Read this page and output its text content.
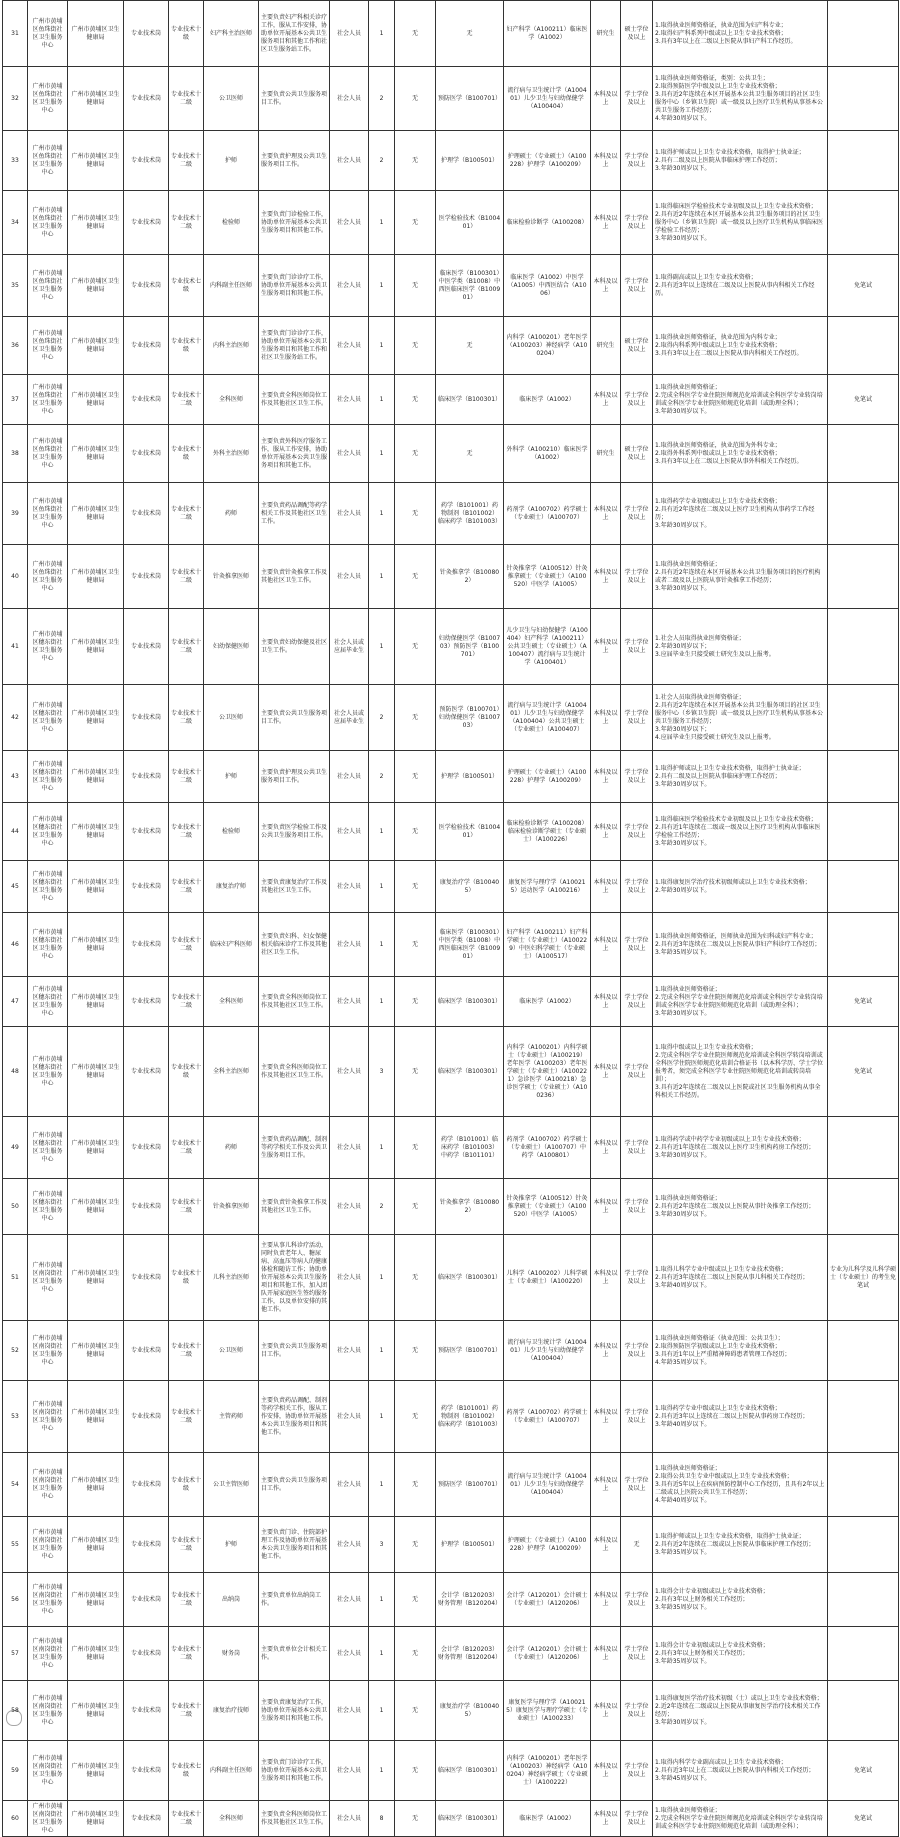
31	广州市黄埔区鱼珠街社区卫生服务中心	广州市黄埔区卫生健康局	专业技术岗	专业技术十级	妇产科主治医师	主要负责妇产科相关诊疗工作，服从工作安排，协助单位开展基本公共卫生服务项目和其他工作和社区卫生服务站工作。	社会人员	1	无	无	妇产科学（A100211）临床医学（A1002）	研究生	硕士学位及以上	1.取得执业医师资格证，执业范围为妇产科专业；
2.取得妇产科系列中级或以上卫生专业技术资格；
3.具有3年以上在二级以上医院从事妇产科工作经历。	

32	广州市黄埔区鱼珠街社区卫生服务中心	广州市黄埔区卫生健康局	专业技术岗	专业技术十二级	公卫医师	主要负责公共卫生服务项目工作。	社会人员	2	无	预防医学（B100701）	流行病与卫生统计学（A100401）儿少卫生与妇幼保健学（A100404）	本科及以上	学士学位及以上	1.取得执业医师资格证，类别：公共卫生；
2.取得预防医学中级及以上卫生专业技术资格；
3.具有近2年连续在本区开展基本公共卫生服务项目的社区卫生服务中心（乡镇卫生院）或一级及以上医疗卫生机构从事基本公共卫生服务工作经历；
4.年龄30周岁以下。	

33	广州市黄埔区鱼珠街社区卫生服务中心	广州市黄埔区卫生健康局	专业技术岗	专业技术十二级	护师	主要负责护理及公共卫生服务项目工作。	社会人员	2	无	护理学（B100501）	护理硕士（专业硕士）（A100228）护理学（A100209）	本科及以上	学士学位及以上	1.取得护师或以上卫生专业技术资格，取得护士执业证；
2.具有二级及以上医院从事临床护理工作经历；
3.年龄30周岁以下。	

34	广州市黄埔区鱼珠街社区卫生服务中心	广州市黄埔区卫生健康局	专业技术岗	专业技术十二级	检验师	主要负责门诊检验工作，协助单位开展基本公共卫生服务项目和其他工作。	社会人员	1	无	医学检验技术（B100401）	临床检验诊断学（A100208）	本科及以上	学士学位及以上	1.取得临床医学检验技术专业初级及以上卫生专业技术资格；
2.具有近2年连续在本区开展基本公共卫生服务项目的社区卫生服务中心（乡镇卫生院）或一级及以上医疗卫生机构从事临床医学检验工作经历；
3.年龄30周岁以下。	

35	广州市黄埔区鱼珠街社区卫生服务中心	广州市黄埔区卫生健康局	专业技术岗	专业技术七级	内科副主任医师	主要负责门诊诊疗工作，协助单位开展基本公共卫生服务项目和其他工作。	社会人员	1	无	临床医学（B100301）中医学类（B1008）中西医临床医学（B100901）	临床医学（A1002）中医学（A1005）中西医结合（A1006）	本科及以上	学士学位及以上	1.取得副高或以上卫生专业技术资格；
2.具有近3年以上连续在二级及以上医院从事内科相关工作经历。	免笔试
36	广州市黄埔区鱼珠街社区卫生服务中心	广州市黄埔区卫生健康局	专业技术岗	专业技术十级	内科主治医师	主要负责门诊诊疗工作，协助单位开展基本公共卫生服务项目和其他工作和社区卫生服务站工作。	社会人员	1	无	无	内科学（A100201）老年医学（A100203）神经病学（A100204）	研究生	硕士学位及以上	1.取得执业医师资格证，执业范围为内科专业；
2.取得内科系列中级或以上卫生专业技术资格；
3.具有3年以上在二级以上医院从事内科相关工作经历。	

37	广州市黄埔区鱼珠街社区卫生服务中心	广州市黄埔区卫生健康局	专业技术岗	专业技术十二级	全科医师	主要负责全科医师岗位工作及其他社区卫生工作。	社会人员	1	无	临床医学（B100301）	临床医学（A1002）	本科及以上	学士学位及以上	1.取得执业医师资格证；
2.完成全科医学专业住院医师规范化培训或全科医学专业转岗培训或全科医学专业住院医师规范化培训（或助理全科）；
3.年龄30周岁以下。	免笔试
38	广州市黄埔区鱼珠街社区卫生服务中心	广州市黄埔区卫生健康局	专业技术岗	专业技术十级	外科主治医师	主要负责外科医疗服务工作，服从工作安排，协助单位开展基本公共卫生服务项目和其他工作。	社会人员	1	无	无	外科学（A100210）临床医学（A1002）	研究生	硕士学位及以上	1.取得执业医师资格证，执业范围为外科专业；
2.取得外科系列中级或以上卫生专业技术资格；
3.具有3年以上在二级以上医院从事外科相关工作经历。	

39	广州市黄埔区鱼珠街社区卫生服务中心	广州市黄埔区卫生健康局	专业技术岗	专业技术十二级	药师	主要负责药品调配等药学相关工作及其他社区卫生工作。	社会人员	1	无	药学（B101001）药物制剂（B101002）临床药学（B101003）	药剂学（A100702）药学硕士（专业硕士）（A100707）	本科及以上	学士学位及以上	1.取得药学专业初级或以上卫生专业技术资格；
2.具有近2年连续在二级及以上医疗卫生机构从事药学工作经历；
3.年龄30周岁以下。	

40	广州市黄埔区鱼珠街社区卫生服务中心	广州市黄埔区卫生健康局	专业技术岗	专业技术十二级	针灸推拿医师	主要负责针灸推拿工作及其他社区卫生工作。	社会人员	1	无	针灸推拿学（B100802）	针灸推拿学（A100512）针灸推拿硕士（专业硕士）（A100520）中医学（A1005）	本科及以上	学士学位及以上	1.取得执业医师资格证；
2.具有近2年连续在本区开展基本公共卫生服务项目的医疗机构或者二级及以上医院从事针灸推拿工作经历；
3.年龄30周岁以下。	

41	广州市黄埔区穗东街社区卫生服务中心	广州市黄埔区卫生健康局	专业技术岗	专业技术十二级	妇幼保健医师	主要负责妇幼保健及社区卫生工作。	社会人员或应届毕业生	1	无	妇幼保健医学（B100703）预防医学（B100701）	儿少卫生与妇幼保健学（A100404）妇产科学（A100211）公共卫生硕士（专业硕士）（A100407）流行病与卫生统计学（A100401）	本科及以上	学士学位及以上	1.社会人员取得执业医师资格证；
2.年龄30周岁以下；
3.应届毕业生只接受硕士研究生及以上报考。	

42	广州市黄埔区穗东街社区卫生服务中心	广州市黄埔区卫生健康局	专业技术岗	专业技术十二级	公卫医师	主要负责公共卫生服务项目工作。	社会人员或应届毕业生	2	无	预防医学（B100701）妇幼保健医学（B100703）	流行病与卫生统计学（A100401）儿少卫生与妇幼保健学（A100404）公共卫生硕士（专业硕士）（A100407）	本科及以上	学士学位及以上	1.社会人员取得执业医师资格证；
2.具有近2年连续在本区开展基本公共卫生服务项目的社区卫生服务中心（乡镇卫生院）或一级及以上医疗卫生机构从事基本公共卫生服务工作经历；
3.年龄30周岁以下；
4.应届毕业生只接受硕士研究生及以上报考。	

43	广州市黄埔区穗东街社区卫生服务中心	广州市黄埔区卫生健康局	专业技术岗	专业技术十二级	护师	主要负责护理及公共卫生服务项目工作。	社会人员	2	无	护理学（B100501）	护理硕士（专业硕士）（A100228）护理学（A100209）	本科及以上	学士学位及以上	1.取得护师或以上卫生专业技术资格，取得护士执业证；
2.具有二级及以上医院从事临床护理工作经历；
3.年龄30周岁以下。	

44	广州市黄埔区穗东街社区卫生服务中心	广州市黄埔区卫生健康局	专业技术岗	专业技术十二级	检验师	主要负责医学检验工作及公共卫生服务项目工作。	社会人员	1	无	医学检验技术（B100401）	临床检验诊断学（A100208）临床检验诊断学硕士（专业硕士）（A100226）	本科及以上	学士学位及以上	1.取得临床医学检验技术专业初级及以上卫生专业技术资格；
2.具有近1年连续在二级或一级及以上医疗卫生机构从事临床医学检验工作经历；
3.年龄30周岁以下。	

45	广州市黄埔区穗东街社区卫生服务中心	广州市黄埔区卫生健康局	专业技术岗	专业技术十二级	康复治疗师	主要负责康复治疗工作及其他社区卫生工作。	社会人员	1	无	康复治疗学（B100405）	康复医学与理疗学（A100215）运动医学（A100216）	本科及以上	学士学位及以上	1.取得康复医学治疗技术初级师或以上卫生专业技术资格；
2.年龄30周岁以下。	

46	广州市黄埔区穗东街社区卫生服务中心	广州市黄埔区卫生健康局	专业技术岗	专业技术十二级	临床妇产科医师	主要负责妇科、妇女保健相关临床诊疗工作及其他社区卫生工作。	社会人员	1	无	临床医学（B100301）中医学类（B1008）中西医临床医学（B100901）	妇产科学（A100211）妇产科学硕士（专业硕士）（A100229）中医妇科学硕士（专业硕士）（A100517）	本科及以上	学士学位及以上	1.取得执业医师资格证，医师执业范围为妇科或妇产科专业；
2.具有近3年连续在二级及以上医院从事妇产科诊疗工作经历；
3.年龄35周岁以下。	

47	广州市黄埔区穗东街社区卫生服务中心	广州市黄埔区卫生健康局	专业技术岗	专业技术十二级	全科医师	主要负责全科医师岗位工作及其他社区卫生工作。	社会人员	1	无	临床医学（B100301）	临床医学（A1002）	本科及以上	学士学位及以上	1.取得执业医师资格证；
2.完成全科医学专业住院医师规范化培训或全科医学专业转岗培训或全科医学专业住院医师规范化培训（或助理全科）；
3.年龄30周岁以下。	免笔试
48	广州市黄埔区穗东街社区卫生服务中心	广州市黄埔区卫生健康局	专业技术岗	专业技术十级	全科主治医师	主要负责全科医师岗位工作及其他社区卫生工作。	社会人员	3	无	临床医学（B100301）	内科学（A100201）内科学硕士（专业硕士）（A100219）老年医学（A100203）老年医学硕士（专业硕士）（A100221）急诊医学（A100218）急诊医学硕士（专业硕士）（A100236）	本科及以上	学士学位及以上	1.取得中级或以上卫生专业技术资格；
2.完成全科医学专业住院医师规范化培训或全科医学转岗培训或全科医学住院医师规范化培训合格证书（以本科学历、学士学位报考者，须完成全科医学专业住院医师规范化培训或转岗培训）；
3.具有近2年连续在二级及以上医院或社区卫生服务机构从事全科相关工作经历。	免笔试
49	广州市黄埔区穗东街社区卫生服务中心	广州市黄埔区卫生健康局	专业技术岗	专业技术十二级	药师	主要负责药品调配、制剂等药学相关工作及公共卫生服务项目工作。	社会人员	1	无	药学（B101001）临床药学（B101003）中药学（B101101）	药剂学（A100702）药学硕士（专业硕士）（A100707）中药学（A100801）	本科及以上	学士学位及以上	1.取得药学或中药学专业初级或以上卫生专业技术资格；
2.具有近1年连续在二级及以上医疗卫生机构药房工作经历；
3.年龄30周岁以下。	

50	广州市黄埔区穗东街社区卫生服务中心	广州市黄埔区卫生健康局	专业技术岗	专业技术十二级	针灸推拿医师	主要负责针灸推拿工作及其他社区卫生工作。	社会人员	2	无	针灸推拿学（B100802）	针灸推拿学（A100512）针灸推拿硕士（专业硕士）（A100520）中医学（A1005）	本科及以上	学士学位及以上	1.取得执业医师资格证；
2.具有近2年连续在二级及以上医院从事针灸推拿工作经历；
3.年龄30周岁以下。	

51	广州市黄埔区南岗街社区卫生服务中心	广州市黄埔区卫生健康局	专业技术岗	专业技术十级	儿科主治医师	主要从事儿科诊疗活动，同时负责老年人、糖尿病、高血压等病人的健康体检和随访工作；协助单位开展基本公共卫生服务项目和其他工作，加入团队开展家庭医生签约服务工作，以及单位安排的其他工作。	社会人员	1	无	临床医学（B100301）	儿科学（A100202）儿科学硕士（专业硕士）（A100220）	本科及以上	学士学位及以上	1.取得儿科学专业中级或以上卫生专业技术资格；
2.具有近3年连续在二级以上医院从事儿科相关工作经历；
3.年龄40周岁以下。	专业为儿科学及儿科学硕士（专业硕士）的考生免笔试
52	广州市黄埔区南岗街社区卫生服务中心	广州市黄埔区卫生健康局	专业技术岗	专业技术十二级	公卫医师	主要负责公共卫生服务项目工作。	社会人员	1	无	预防医学（B100701）	流行病与卫生统计学（A100401）儿少卫生与妇幼保健学（A100404）	本科及以上	学士学位及以上	1.取得执业医师资格证（执业范围：公共卫生）；
2.取得预防医学初级或以上卫生专业技术资格；
3.具有近1年以上严重精神障碍患者管理工作经历；
4.年龄35周岁以下。	

53	广州市黄埔区南岗街社区卫生服务中心	广州市黄埔区卫生健康局	专业技术岗	专业技术十二级	主管药师	主要负责药品调配、制剂等药学相关工作，服从工作安排，协助单位开展基本公共卫生服务项目和其他工作。	社会人员	1	无	药学（B101001）药物制剂（B101002）临床药学（B101003）	药剂学（A100702）药学硕士（专业硕士）（A100707）	本科及以上	学士学位及以上	1.取得药学专业中级或以上卫生专业技术资格；
2.具有近3年以上连续在二级以上医院从事药房工作经历；
3.年龄40周岁以下。	

54	广州市黄埔区南岗街社区卫生服务中心	广州市黄埔区卫生健康局	专业技术岗	专业技术十级	公卫主管医师	主要负责公共卫生服务项目工作。	社会人员	1	无	预防医学（B100701）	流行病与卫生统计学（A100401）儿少卫生与妇幼保健学（A100404）	本科及以上	学士学位及以上	1.取得执业医师资格证；
2.取得公共卫生专业中级或以上卫生专业技术资格；
3.具有近5年以上在疾病预防控制中心工作经历，且具有2年以上二级或以上医院公共卫生工作经历；
4.年龄40周岁以下。	

55	广州市黄埔区南岗街社区卫生服务中心	广州市黄埔区卫生健康局	专业技术岗	专业技术十二级	护师	主要负责门诊、住院部护理工作及协助单位开展基本公共卫生服务项目和其他工作。	社会人员	3	无	护理学（B100501）	护理硕士（专业硕士）（A100228）护理学（A100209）	本科及以上	无	1.取得护师或以上卫生专业技术资格，取得护士执业证；
2.具有近2年连续在二级或以上医院从事临床护理工作经历；
3.年龄35周岁以下。	

56	广州市黄埔区南岗街社区卫生服务中心	广州市黄埔区卫生健康局	专业技术岗	专业技术十二级	出纳岗	主要负责单位出纳岗工作。	社会人员	1	无	会计学（B120203）财务管理（B120204）	会计学（A120201）会计硕士（专业硕士）（A120206）	本科及以上	学士学位及以上	1.取得会计专业初级或以上专业技术资格；
2.具有3年以上财务相关工作经历；
3.年龄35周岁以下。	

57	广州市黄埔区南岗街社区卫生服务中心	广州市黄埔区卫生健康局	专业技术岗	专业技术十二级	财务岗	主要负责单位会计相关工作。	社会人员	1	无	会计学（B120203）财务管理（B120204）	会计学（A120201）会计硕士（专业硕士）（A120206）	本科及以上	学士学位及以上	1.取得会计专业初级或以上专业技术资格；
2.具有3年以上财务相关工作经历；
3.年龄35周岁以下。	

58	广州市黄埔区南岗街社区卫生服务中心	广州市黄埔区卫生健康局	专业技术岗	专业技术十二级	康复治疗技师	主要负责康复治疗工作，协助单位开展基本公共卫生服务项目和其他工作。	社会人员	1	无	康复治疗学（B100405）	康复医学与理疗学（A100215）康复医学与理疗学硕士（专业硕士）（A100233）	本科及以上	学士学位及以上	1.取得康复医学治疗技术初级（士）或以上卫生专业技术资格；
2.近2年连续在二级或以上医院从事康复医学治疗技术相关工作经历；
3.年龄30周岁以下。	

59	广州市黄埔区南岗街社区卫生服务中心	广州市黄埔区卫生健康局	专业技术岗	专业技术七级	内科副主任医师	主要负责门诊诊疗工作，协助单位开展基本公共卫生服务项目和其他工作。	社会人员	1	无	临床医学（B100301）	内科学（A100201）老年医学（A100203）神经病学（A100204）神经病学硕士（专业硕士）（A100222）	本科及以上	学士学位及以上	1.取得内科学专业副高或以上卫生专业技术资格；
2.具有近3年以上在二级或以上医院从事内科相关工作经历；
3.年龄45周岁以下。	免笔试
60	广州市黄埔区南岗街社区卫生服务中心	广州市黄埔区卫生健康局	专业技术岗	专业技术十二级	全科医师	主要负责全科医师岗位工作及其他社区卫生工作。	社会人员	8	无	临床医学（B100301）	临床医学（A1002）	本科及以上	学士学位及以上	1.取得执业医师资格证；
2.完成全科医学专业住院医师规范化培训或全科医学专业转岗培训或全科医学专业住院医师规范化培训（或助理全科）；	免笔试
